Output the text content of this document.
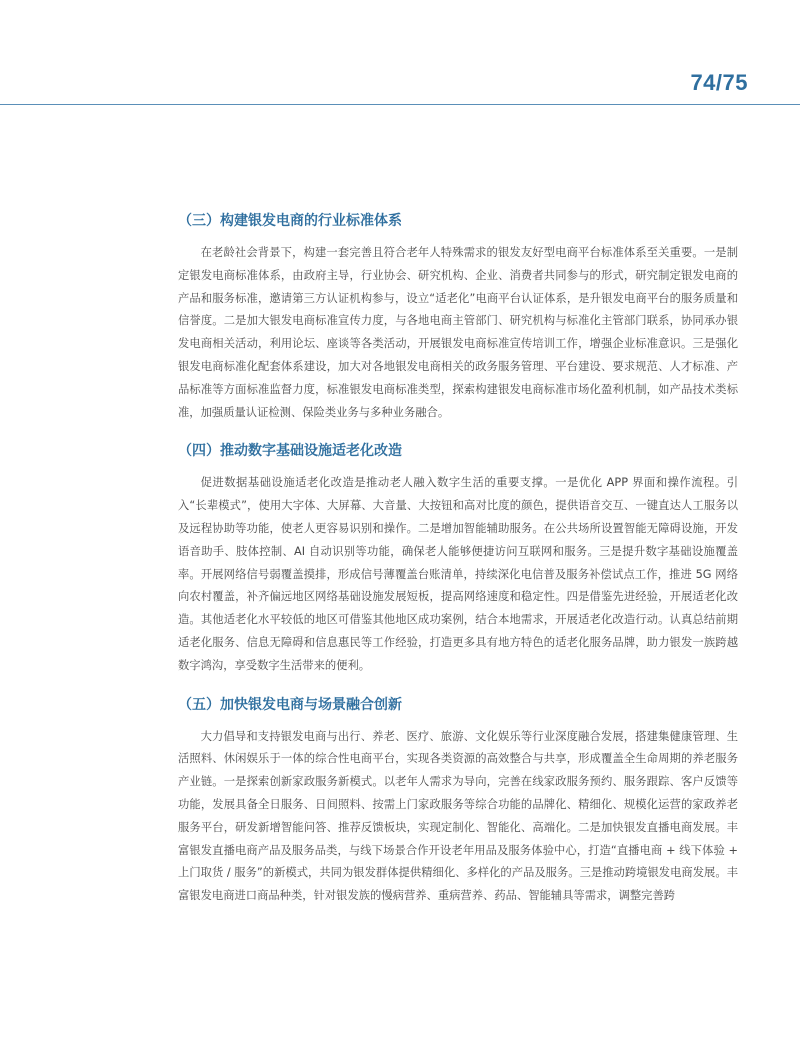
74/75
（三）构建银发电商的行业标准体系

在老龄社会背景下，构建一套完善且符合老年人特殊需求的银发友好型电商平台标准体系至关重要。一是制定银发电商标准体系，由政府主导，行业协会、研究机构、企业、消费者共同参与的形式，研究制定银发电商的产品和服务标准，邀请第三方认证机构参与，设立“适老化”电商平台认证体系，是升银发电商平台的服务质量和信誉度。二是加大银发电商标准宣传力度，与各地电商主管部门、研究机构与标准化主管部门联系，协同承办银发电商相关活动，利用论坛、座谈等各类活动，开展银发电商标准宣传培训工作，增强企业标准意识。三是强化银发电商标准化配套体系建设，加大对各地银发电商相关的政务服务管理、平台建设、要求规范、人才标准、产品标准等方面标准监督力度，标准银发电商标准类型，探索构建银发电商标准市场化盈利机制，如产品技术类标准，加强质量认证检测、保险类业务与多种业务融合。

（四）推动数字基础设施适老化改造

促进数据基础设施适老化改造是推动老人融入数字生活的重要支撑。一是优化 APP 界面和操作流程。引入“长辈模式”，使用大字体、大屏幕、大音量、大按钮和高对比度的颜色，提供语音交互、一键直达人工服务以及远程协助等功能，使老人更容易识别和操作。二是增加智能辅助服务。在公共场所设置智能无障碍设施，开发语音助手、肢体控制、AI 自动识别等功能，确保老人能够便捷访问互联网和服务。三是提升数字基础设施覆盖率。开展网络信号弱覆盖摸排，形成信号薄覆盖台账清单，持续深化电信普及服务补偿试点工作，推进 5G 网络向农村覆盖，补齐偏远地区网络基础设施发展短板，提高网络速度和稳定性。四是借鉴先进经验，开展适老化改造。其他适老化水平较低的地区可借鉴其他地区成功案例，结合本地需求，开展适老化改造行动。认真总结前期适老化服务、信息无障碍和信息惠民等工作经验，打造更多具有地方特色的适老化服务品牌，助力银发一族跨越数字鸿沟，享受数字生活带来的便利。

（五）加快银发电商与场景融合创新

大力倡导和支持银发电商与出行、养老、医疗、旅游、文化娱乐等行业深度融合发展，搭建集健康管理、生活照料、休闲娱乐于一体的综合性电商平台，实现各类资源的高效整合与共享，形成覆盖全生命周期的养老服务产业链。一是探索创新家政服务新模式。以老年人需求为导向，完善在线家政服务预约、服务跟踪、客户反馈等功能，发展具备全日服务、日间照料、按需上门家政服务等综合功能的品牌化、精细化、规模化运营的家政养老服务平台，研发新增智能问答、推荐反馈板块，实现定制化、智能化、高端化。二是加快银发直播电商发展。丰富银发直播电商产品及服务品类，与线下场景合作开设老年用品及服务体验中心，打造“直播电商 + 线下体验 + 上门取货 / 服务”的新模式，共同为银发群体提供精细化、多样化的产品及服务。三是推动跨境银发电商发展。丰富银发电商进口商品种类，针对银发族的慢病营养、重病营养、药品、智能辅具等需求，调整完善跨
